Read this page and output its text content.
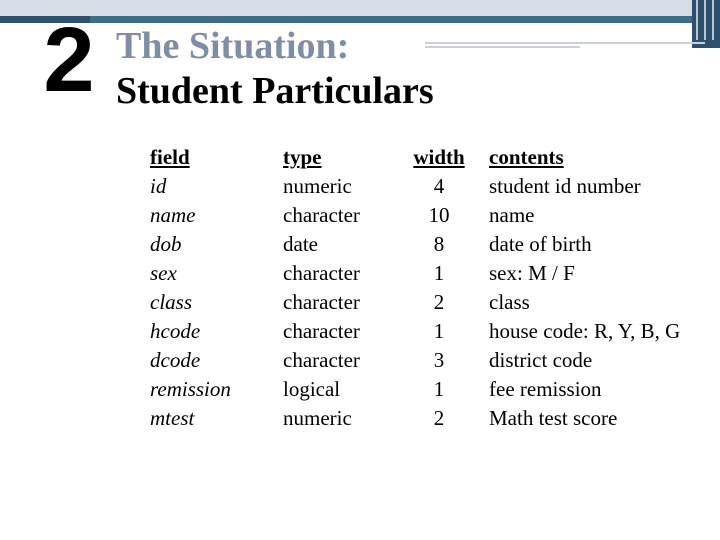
2 The Situation:
Student Particulars
field	type	width	contents
id	numeric	4	student id number
name	character	10	name
dob	date	8	date of birth
sex	character	1	sex: M / F
class	character	2	class
hcode	character	1	house code: R, Y, B, G
dcode	character	3	district code
remission	logical	1	fee remission
mtest	numeric	2	Math test score
